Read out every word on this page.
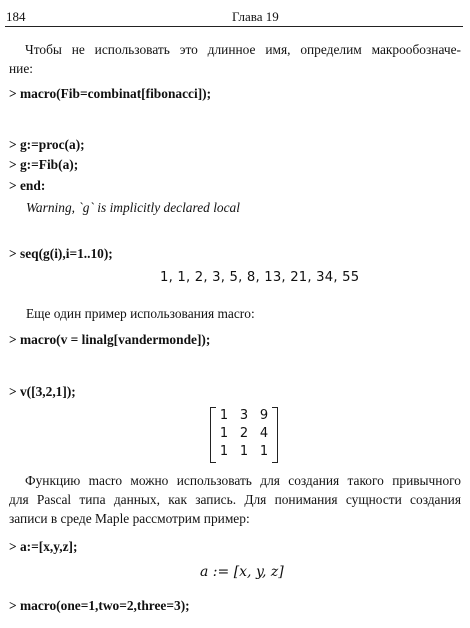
184	Глава 19
Чтобы не использовать это длинное имя, определим макрообозначе-
ние:
> macro(Fib=combinat[fibonacci]);
> g:=proc(a);
> g:=Fib(a);
> end:
Warning, `g` is implicitly declared local
> seq(g(i),i=1..10);
1, 1, 2, 3, 5, 8, 13, 21, 34, 55
Еще один пример использования macro:
> macro(v = linalg[vandermonde]);
> v([3,2,1]);
1 3 9
1 2 4
1 1 1
Функцию macro можно использовать для создания такого привычного
для Pascal типа данных, как запись. Для понимания сущности создания
записи в среде Maple рассмотрим пример:
> a:=[x,y,z];
a := [x, y, z]
> macro(one=1,two=2,three=3);
